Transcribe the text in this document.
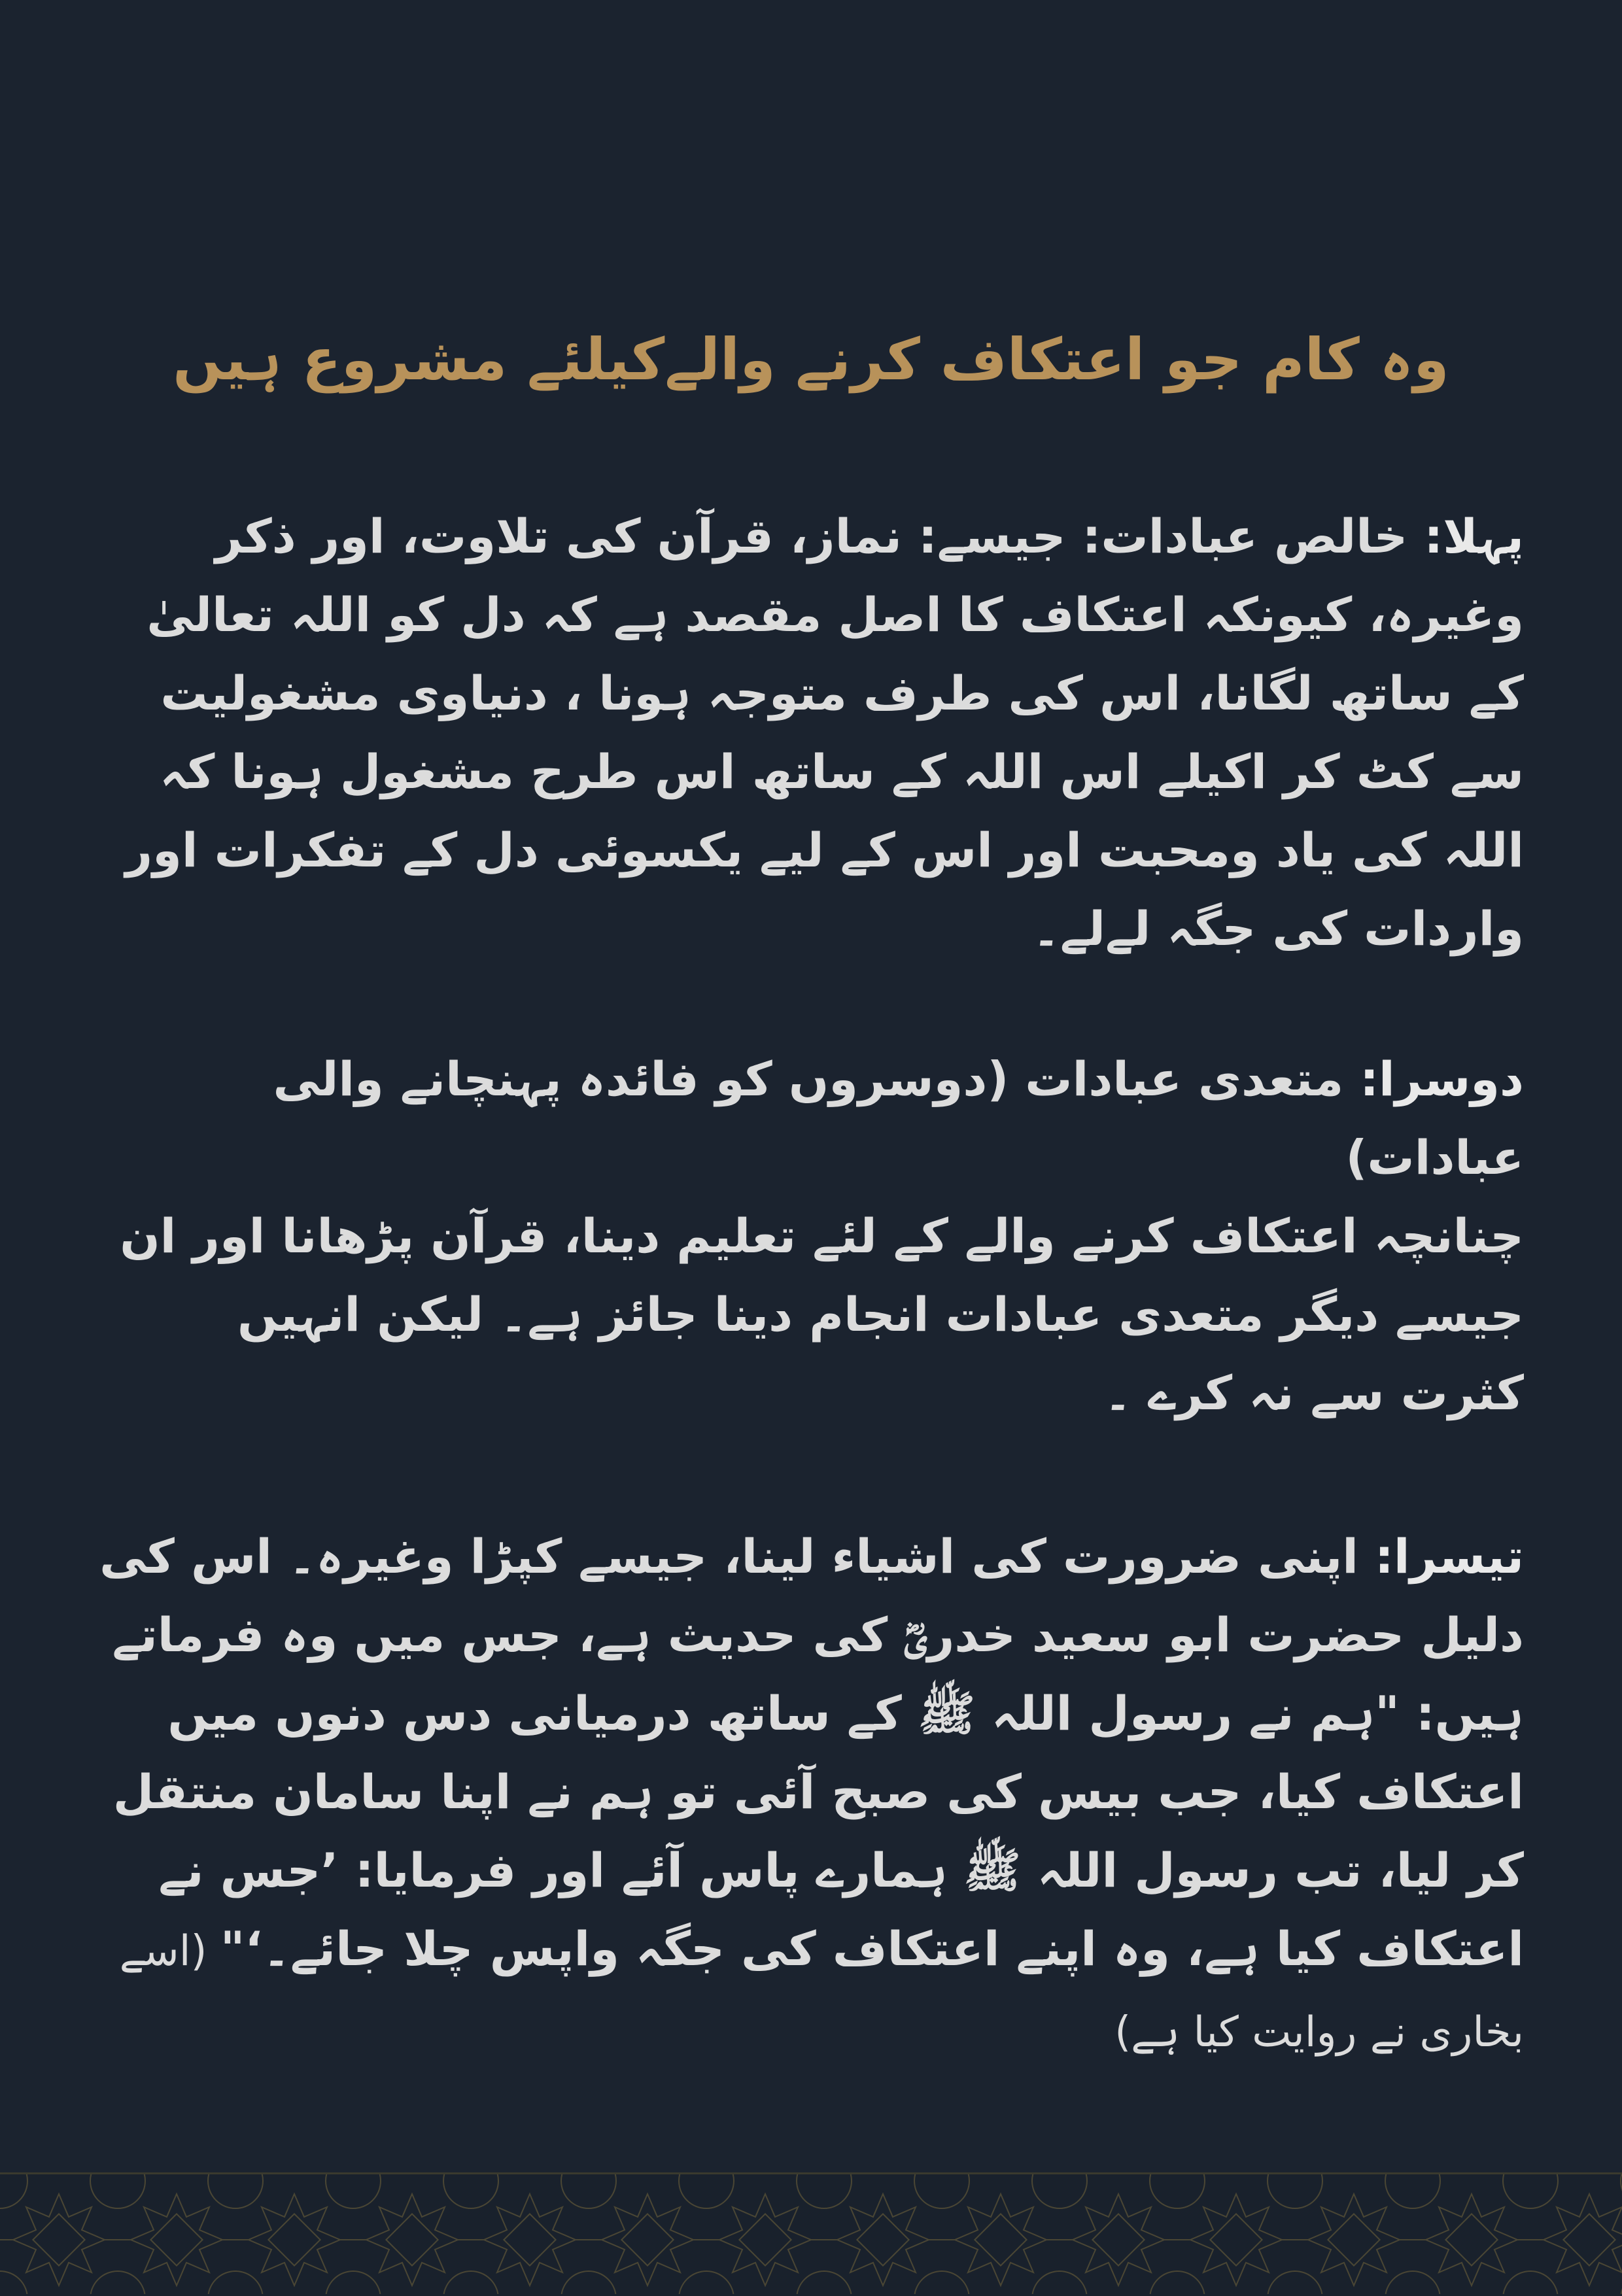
وہ کام جو اعتکاف کرنے والےکیلئے مشروع ہیں

پہلا: خالص عبادات: جیسے: نماز، قرآن کی تلاوت، اور ذکر وغیرہ، کیونکہ اعتکاف کا اصل مقصد ہے کہ دل کو اللہ تعالیٰ کے ساتھ لگانا، اس کی طرف متوجہ ہونا ، دنیاوی مشغولیت سے کٹ کر اکیلے اس اللہ کے ساتھ اس طرح مشغول ہونا کہ اللہ کی یاد ومحبت اور اس کے لیے یکسوئی دل کے تفکرات اور واردات کی جگہ لےلے۔

دوسرا: متعدی عبادات (دوسروں کو فائدہ پہنچانے والی عبادات)

چنانچہ اعتکاف کرنے والے کے لئے تعلیم دینا، قرآن پڑھانا اور ان جیسے دیگر متعدی عبادات انجام دینا جائز ہے۔ لیکن انہیں کثرت سے نہ کرے ۔

تیسرا: اپنی ضرورت کی اشیاء لینا، جیسے کپڑا وغیرہ۔ اس کی دلیل حضرت ابو سعید خدریؓ کی حدیث ہے، جس میں وہ فرماتے ہیں: "ہم نے رسول اللہ ﷺ کے ساتھ درمیانی دس دنوں میں اعتکاف کیا، جب بیس کی صبح آئی تو ہم نے اپنا سامان منتقل کر لیا، تب رسول اللہ ﷺ ہمارے پاس آئے اور فرمایا: ’جس نے اعتکاف کیا ہے، وہ اپنے اعتکاف کی جگہ واپس چلا جائے۔‘" (اسے بخاری نے روایت کیا ہے)
